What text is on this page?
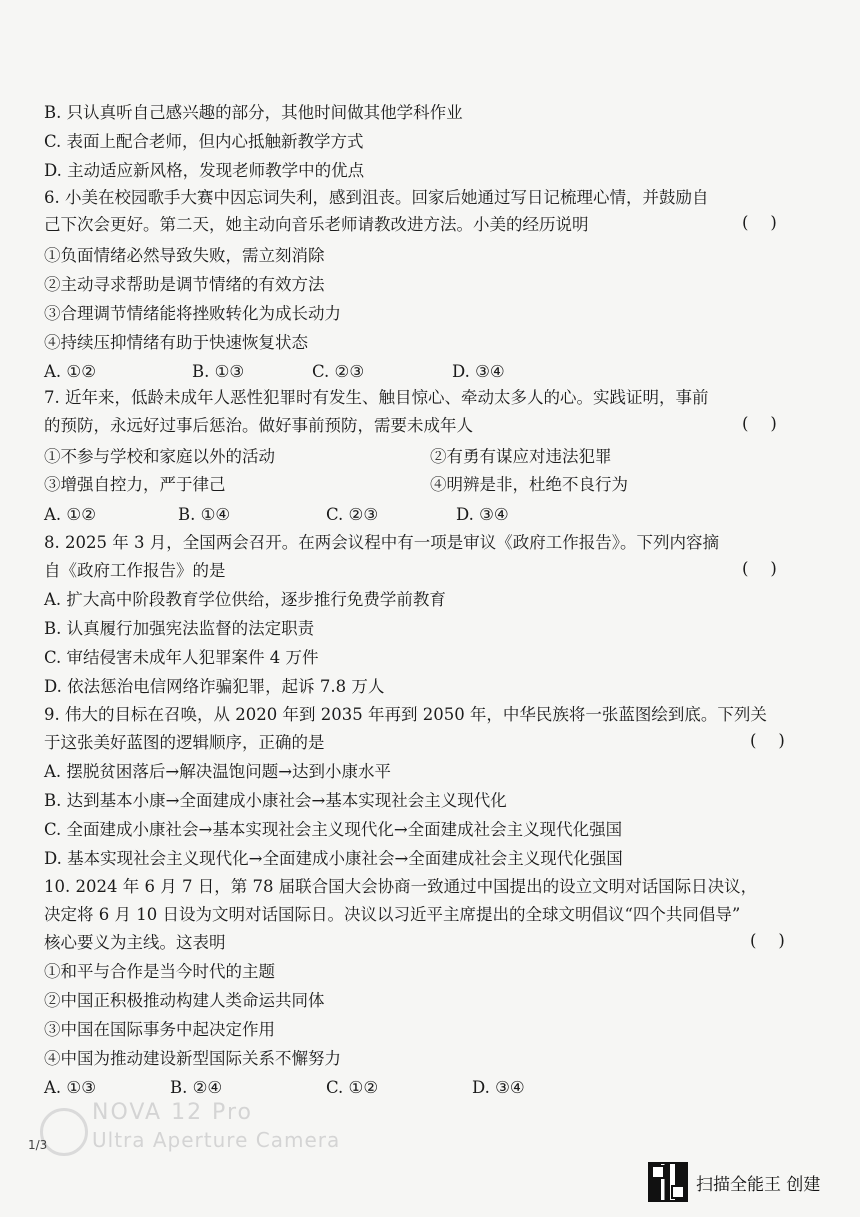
B. 只认真听自己感兴趣的部分，其他时间做其他学科作业
C. 表面上配合老师，但内心抵触新教学方式
D. 主动适应新风格，发现老师教学中的优点
6. 小美在校园歌手大赛中因忘词失利，感到沮丧。回家后她通过写日记梳理心情，并鼓励自
己下次会更好。第二天，她主动向音乐老师请教改进方法。小美的经历说明	()
①负面情绪必然导致失败，需立刻消除
②主动寻求帮助是调节情绪的有效方法
③合理调节情绪能将挫败转化为成长动力
④持续压抑情绪有助于快速恢复状态
A. ①②	B. ①③	C. ②③	D. ③④
7. 近年来，低龄未成年人恶性犯罪时有发生、触目惊心、牵动太多人的心。实践证明，事前
的预防，永远好过事后惩治。做好事前预防，需要未成年人	()
①不参与学校和家庭以外的活动	②有勇有谋应对违法犯罪
③增强自控力，严于律己	④明辨是非，杜绝不良行为
A. ①②	B. ①④	C. ②③	D. ③④
8. 2025 年 3 月，全国两会召开。在两会议程中有一项是审议《政府工作报告》。下列内容摘
自《政府工作报告》的是	()
A. 扩大高中阶段教育学位供给，逐步推行免费学前教育
B. 认真履行加强宪法监督的法定职责
C. 审结侵害未成年人犯罪案件 4 万件
D. 依法惩治电信网络诈骗犯罪，起诉 7.8 万人
9. 伟大的目标在召唤，从 2020 年到 2035 年再到 2050 年，中华民族将一张蓝图绘到底。下列关
于这张美好蓝图的逻辑顺序，正确的是	()
A. 摆脱贫困落后→解决温饱问题→达到小康水平
B. 达到基本小康→全面建成小康社会→基本实现社会主义现代化
C. 全面建成小康社会→基本实现社会主义现代化→全面建成社会主义现代化强国
D. 基本实现社会主义现代化→全面建成小康社会→全面建成社会主义现代化强国
10. 2024 年 6 月 7 日，第 78 届联合国大会协商一致通过中国提出的设立文明对话国际日决议，
决定将 6 月 10 日设为文明对话国际日。决议以习近平主席提出的全球文明倡议“四个共同倡导”
核心要义为主线。这表明	()
①和平与合作是当今时代的主题
②中国正积极推动构建人类命运共同体
③中国在国际事务中起决定作用
④中国为推动建设新型国际关系不懈努力
A. ①③	B. ②④	C. ①②	D. ③④
NOVA 12 Pro
Ultra Aperture Camera
1/3
扫描全能王 创建
